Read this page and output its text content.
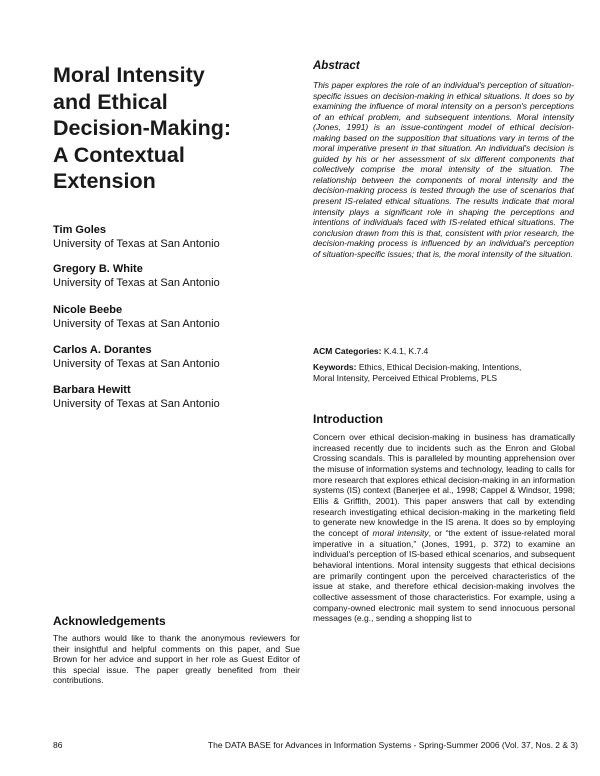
Moral Intensity
and Ethical
Decision-Making:
A Contextual
Extension
Tim Goles
University of Texas at San Antonio
Gregory B. White
University of Texas at San Antonio
Nicole Beebe
University of Texas at San Antonio
Carlos A. Dorantes
University of Texas at San Antonio
Barbara Hewitt
University of Texas at San Antonio
Acknowledgements

The authors would like to thank the anonymous reviewers for their insightful and helpful comments on this paper, and Sue Brown for her advice and support in her role as Guest Editor of this special issue. The paper greatly benefited from their contributions.

Abstract

This paper explores the role of an individual's perception of situation-specific issues on decision-making in ethical situations. It does so by examining the influence of moral intensity on a person's perceptions of an ethical problem, and subsequent intentions. Moral intensity (Jones, 1991) is an issue-contingent model of ethical decision-making based on the supposition that situations vary in terms of the moral imperative present in that situation. An individual's decision is guided by his or her assessment of six different components that collectively comprise the moral intensity of the situation. The relationship between the components of moral intensity and the decision-making process is tested through the use of scenarios that present IS-related ethical situations. The results indicate that moral intensity plays a significant role in shaping the perceptions and intentions of individuals faced with IS-related ethical situations. The conclusion drawn from this is that, consistent with prior research, the decision-making process is influenced by an individual's perception of situation-specific issues; that is, the moral intensity of the situation.

ACM Categories: K.4.1, K.7.4

Keywords: Ethics, Ethical Decision-making, Intentions, Moral Intensity, Perceived Ethical Problems, PLS

Introduction

Concern over ethical decision-making in business has dramatically increased recently due to incidents such as the Enron and Global Crossing scandals. This is paralleled by mounting apprehension over the misuse of information systems and technology, leading to calls for more research that explores ethical decision-making in an information systems (IS) context (Banerjee et al., 1998; Cappel & Windsor, 1998; Ellis & Griffith, 2001). This paper answers that call by extending research investigating ethical decision-making in the marketing field to generate new knowledge in the IS arena. It does so by employing the concept of moral intensity, or “the extent of issue-related moral imperative in a situation,” (Jones, 1991, p. 372) to examine an individual's perception of IS-based ethical scenarios, and subsequent behavioral intentions. Moral intensity suggests that ethical decisions are primarily contingent upon the perceived characteristics of the issue at stake, and therefore ethical decision-making involves the collective assessment of those characteristics. For example, using a company-owned electronic mail system to send innocuous personal messages (e.g., sending a shopping list to

86	The DATA BASE for Advances in Information Systems - Spring-Summer 2006 (Vol. 37, Nos. 2 & 3)
